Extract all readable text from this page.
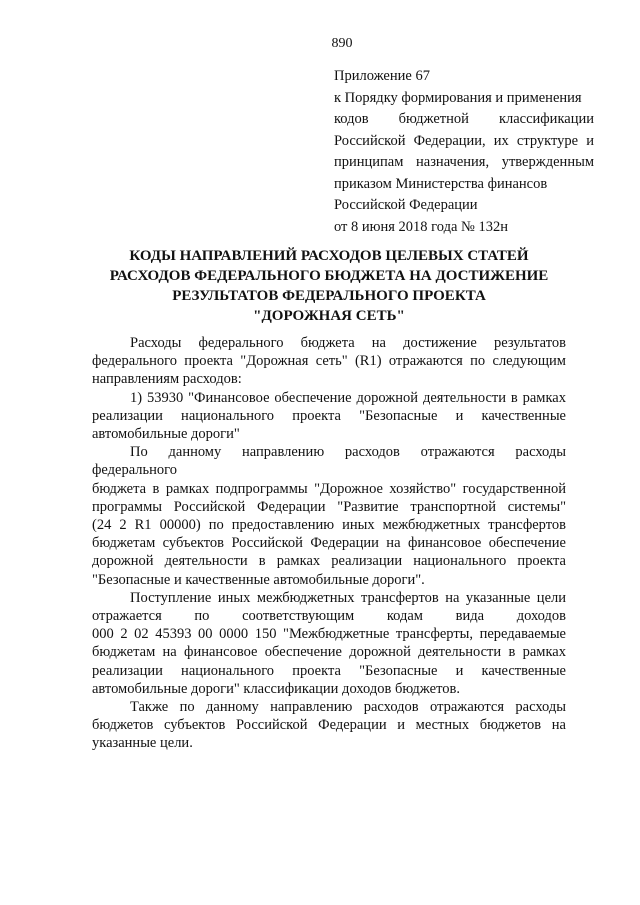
890
Приложение 67
к Порядку формирования и применения
кодов бюджетной классификации
Российской Федерации, их структуре и
принципам назначения, утвержденным
приказом Министерства финансов
Российской Федерации
от 8 июня 2018 года № 132н
КОДЫ НАПРАВЛЕНИЙ РАСХОДОВ ЦЕЛЕВЫХ СТАТЕЙ
РАСХОДОВ ФЕДЕРАЛЬНОГО БЮДЖЕТА НА ДОСТИЖЕНИЕ
РЕЗУЛЬТАТОВ ФЕДЕРАЛЬНОГО ПРОЕКТА
"ДОРОЖНАЯ СЕТЬ"

Расходы федерального бюджета на достижение результатов
федерального проекта "Дорожная сеть" (R1) отражаются по следующим
направлениям расходов:

1) 53930 "Финансовое обеспечение дорожной деятельности в рамках
реализации национального проекта "Безопасные и качественные
автомобильные дороги"

По данному направлению расходов отражаются расходы федерального
бюджета в рамках подпрограммы "Дорожное хозяйство" государственной
программы Российской Федерации "Развитие транспортной системы"
(24 2 R1 00000) по предоставлению иных межбюджетных трансфертов
бюджетам субъектов Российской Федерации на финансовое обеспечение
дорожной деятельности в рамках реализации национального проекта
"Безопасные и качественные автомобильные дороги".

Поступление иных межбюджетных трансфертов на указанные цели
отражается по соответствующим кодам вида доходов
000 2 02 45393 00 0000 150 "Межбюджетные трансферты, передаваемые
бюджетам на финансовое обеспечение дорожной деятельности в рамках
реализации национального проекта "Безопасные и качественные
автомобильные дороги" классификации доходов бюджетов.

Также по данному направлению расходов отражаются расходы
бюджетов субъектов Российской Федерации и местных бюджетов на
указанные цели.
